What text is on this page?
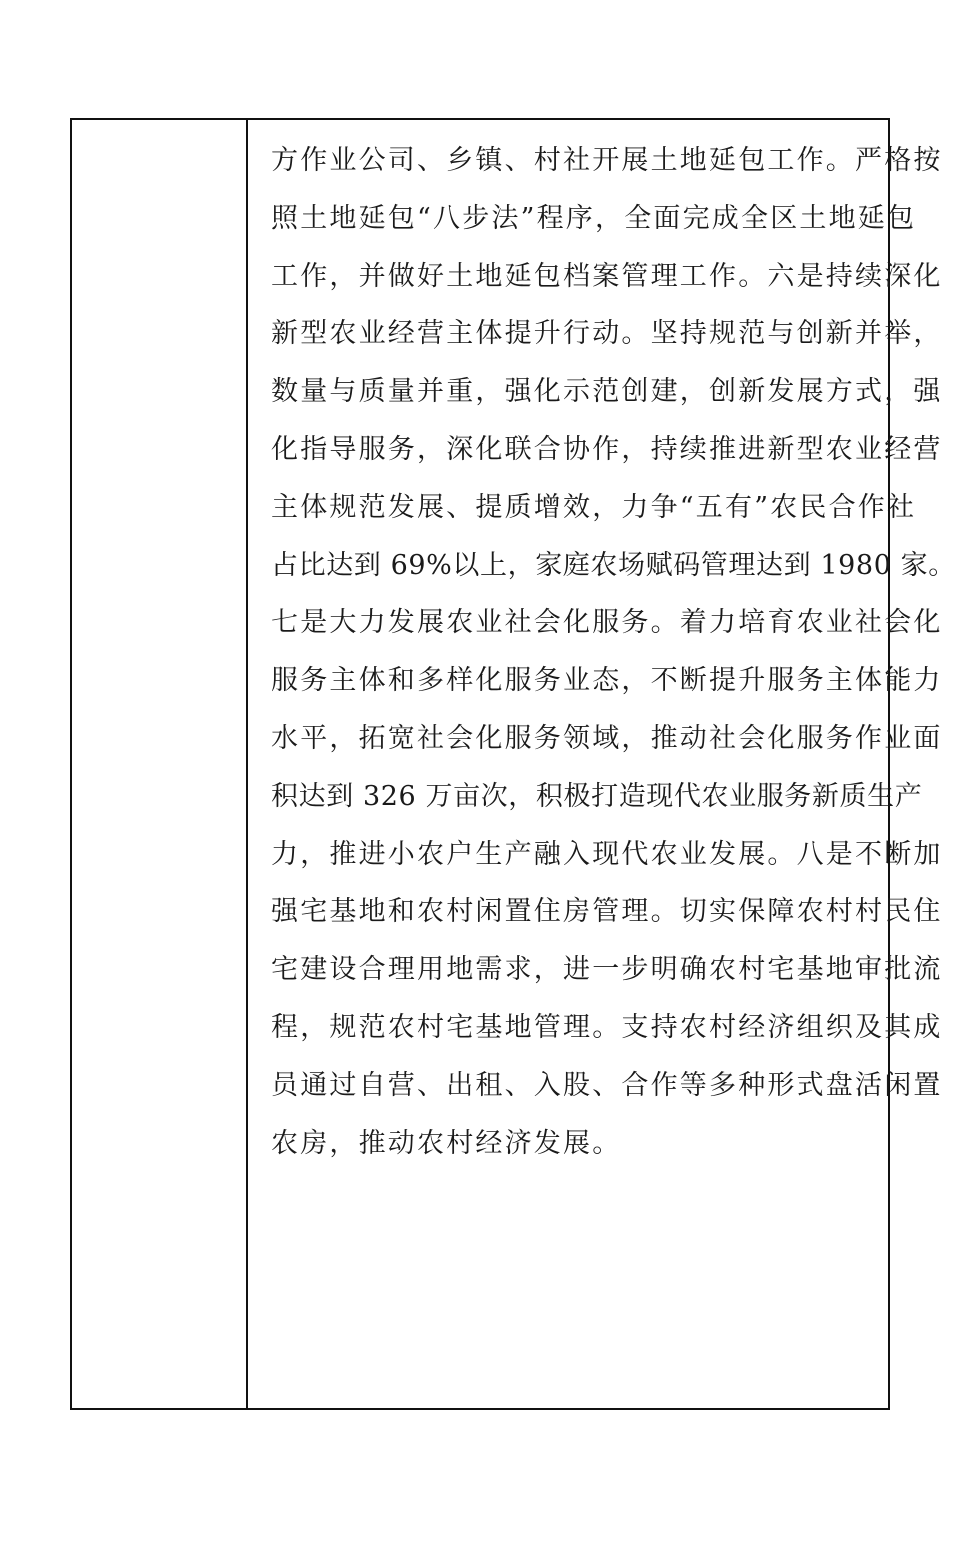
方作业公司、乡镇、村社开展土地延包工作。严格按
照土地延包“八步法”程序，全面完成全区土地延包
工作，并做好土地延包档案管理工作。六是持续深化
新型农业经营主体提升行动。坚持规范与创新并举，
数量与质量并重，强化示范创建，创新发展方式，强
化指导服务，深化联合协作，持续推进新型农业经营
主体规范发展、提质增效，力争“五有”农民合作社
占比达到 69%以上，家庭农场赋码管理达到 1980 家。
七是大力发展农业社会化服务。着力培育农业社会化
服务主体和多样化服务业态，不断提升服务主体能力
水平，拓宽社会化服务领域，推动社会化服务作业面
积达到 326 万亩次，积极打造现代农业服务新质生产
力，推进小农户生产融入现代农业发展。八是不断加
强宅基地和农村闲置住房管理。切实保障农村村民住
宅建设合理用地需求，进一步明确农村宅基地审批流
程，规范农村宅基地管理。支持农村经济组织及其成
员通过自营、出租、入股、合作等多种形式盘活闲置
农房，推动农村经济发展。
